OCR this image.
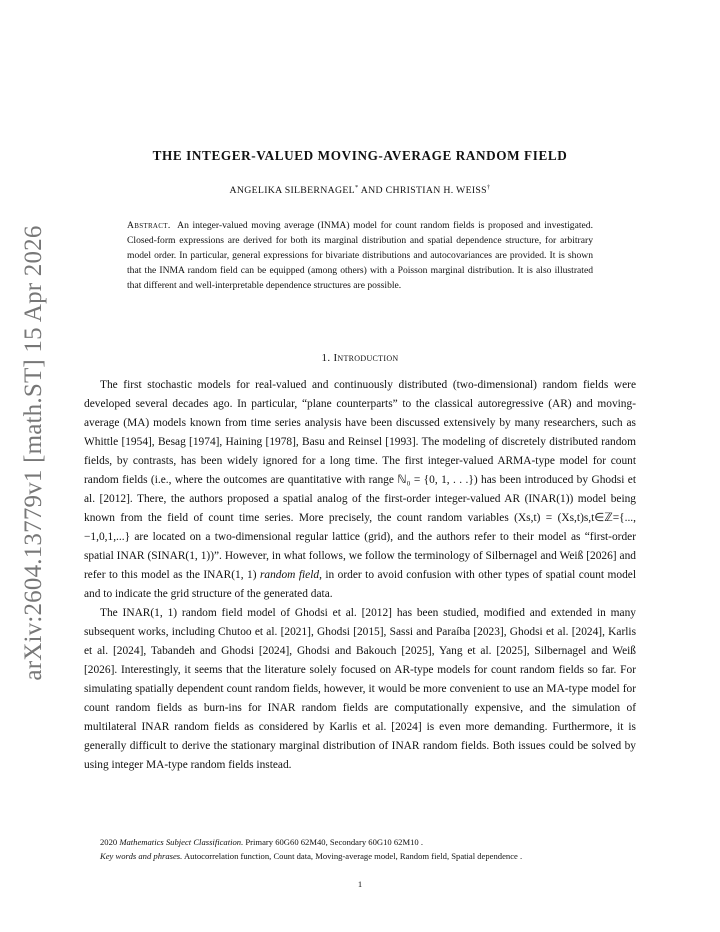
arXiv:2604.13779v1 [math.ST] 15 Apr 2026
THE INTEGER-VALUED MOVING-AVERAGE RANDOM FIELD
ANGELIKA SILBERNAGEL* AND CHRISTIAN H. WEISS†
Abstract. An integer-valued moving average (INMA) model for count random fields is proposed and investigated. Closed-form expressions are derived for both its marginal distribution and spatial dependence structure, for arbitrary model order. In particular, general expressions for bivariate distributions and autocovariances are provided. It is shown that the INMA random field can be equipped (among others) with a Poisson marginal distribution. It is also illustrated that different and well-interpretable dependence structures are possible.
1. Introduction

The first stochastic models for real-valued and continuously distributed (two-dimensional) random fields were developed several decades ago. In particular, “plane counterparts” to the classical autoregressive (AR) and moving-average (MA) models known from time series analysis have been discussed extensively by many researchers, such as Whittle [1954], Besag [1974], Haining [1978], Basu and Reinsel [1993]. The modeling of discretely distributed random fields, by contrasts, has been widely ignored for a long time. The first integer-valued ARMA-type model for count random fields (i.e., where the outcomes are quantitative with range ℕ₀ = {0, 1, . . .}) has been introduced by Ghodsi et al. [2012]. There, the authors proposed a spatial analog of the first-order integer-valued AR (INAR(1)) model being known from the field of count time series. More precisely, the count random variables (Xs,t) = (Xs,t)s,t∈ℤ={...,−1,0,1,...} are located on a two-dimensional regular lattice (grid), and the authors refer to their model as “first-order spatial INAR (SINAR(1, 1))”. However, in what follows, we follow the terminology of Silbernagel and Weiß [2026] and refer to this model as the INAR(1, 1) random field, in order to avoid confusion with other types of spatial count model and to indicate the grid structure of the generated data.

The INAR(1, 1) random field model of Ghodsi et al. [2012] has been studied, modified and extended in many subsequent works, including Chutoo et al. [2021], Ghodsi [2015], Sassi and Paraíba [2023], Ghodsi et al. [2024], Karlis et al. [2024], Tabandeh and Ghodsi [2024], Ghodsi and Bakouch [2025], Yang et al. [2025], Silbernagel and Weiß [2026]. Interestingly, it seems that the literature solely focused on AR-type models for count random fields so far. For simulating spatially dependent count random fields, however, it would be more convenient to use an MA-type model for count random fields as burn-ins for INAR random fields are computationally expensive, and the simulation of multilateral INAR random fields as considered by Karlis et al. [2024] is even more demanding. Furthermore, it is generally difficult to derive the stationary marginal distribution of INAR random fields. Both issues could be solved by using integer MA-type random fields instead.

2020 Mathematics Subject Classification. Primary 60G60 62M40, Secondary 60G10 62M10 .

Key words and phrases. Autocorrelation function, Count data, Moving-average model, Random field, Spatial dependence .

1
